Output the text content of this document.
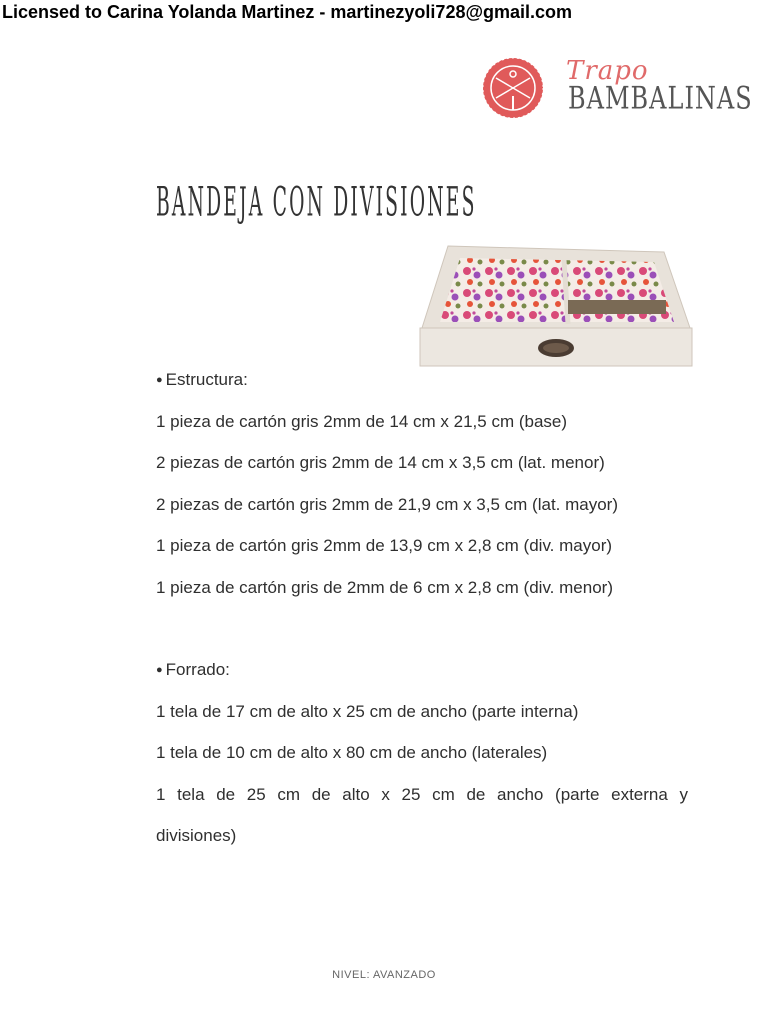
Licensed to Carina Yolanda Martinez - martinezyoli728@gmail.com
Trapo
BAMBALINAS
BANDEJA CON DIVISIONES
● Estructura:
1 pieza de cartón gris 2mm de 14 cm x 21,5 cm (base)
2 piezas de cartón gris 2mm de 14 cm x 3,5 cm (lat. menor)
2 piezas de cartón gris 2mm de 21,9 cm x 3,5 cm (lat. mayor)
1 pieza de cartón gris 2mm de 13,9 cm x 2,8 cm (div. mayor)
1 pieza de cartón gris de 2mm de 6 cm x 2,8 cm (div. menor)
● Forrado:
1 tela de 17 cm de alto x 25 cm de ancho (parte interna)
1 tela de 10 cm de alto x 80 cm de ancho (laterales)
1 tela de 25 cm de alto x 25 cm de ancho (parte externa y
divisiones)
NIVEL: AVANZADO
